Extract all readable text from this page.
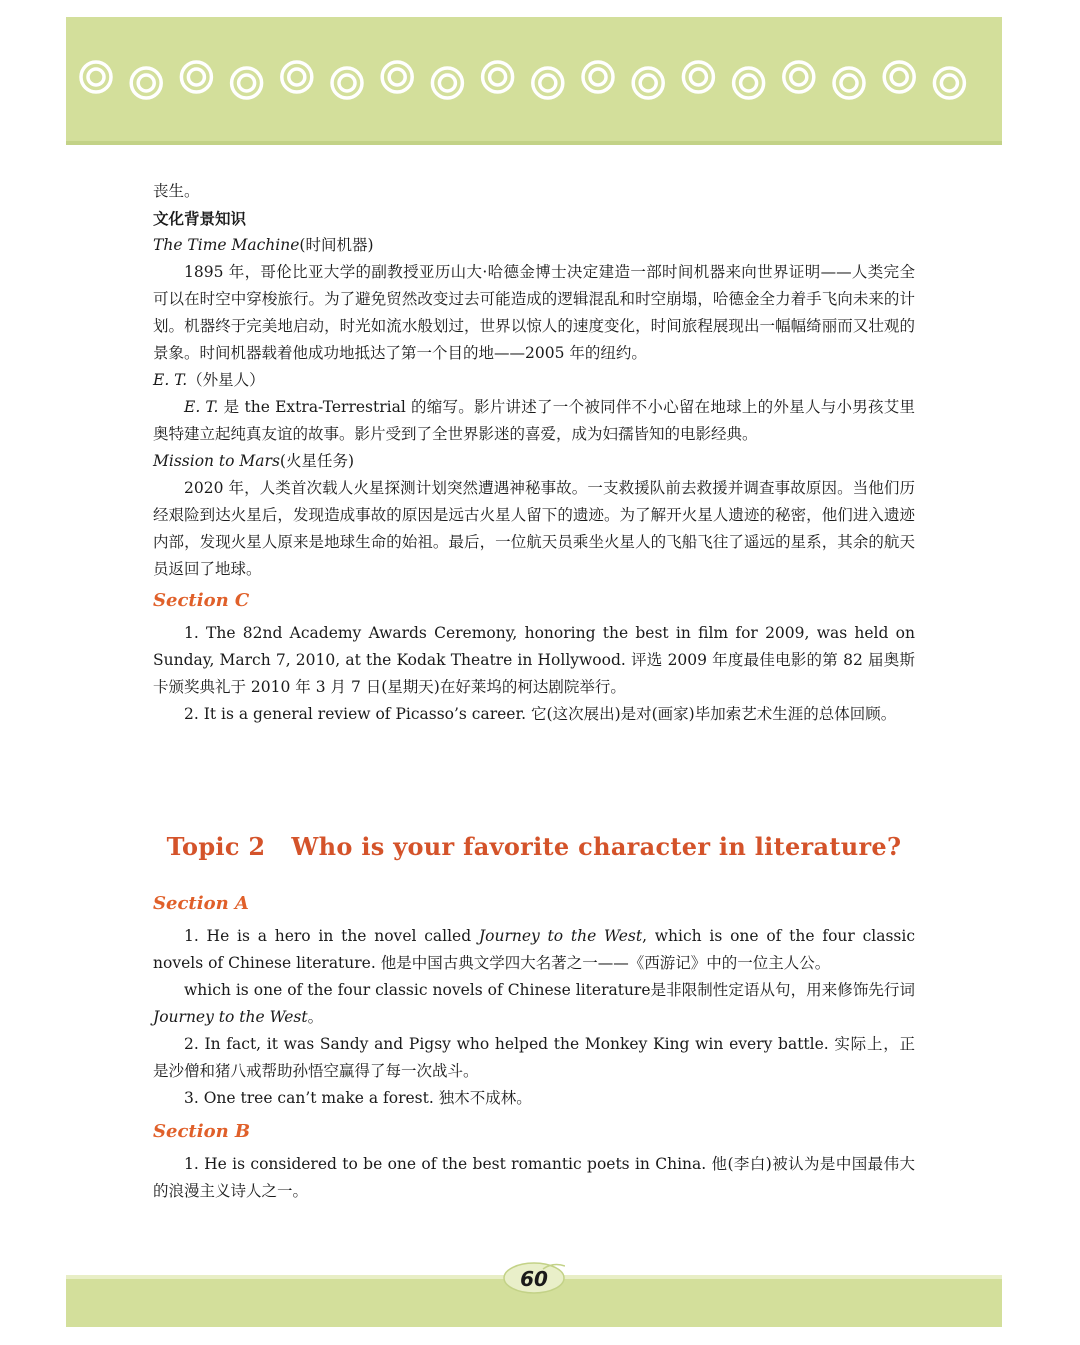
丧生。

文化背景知识

The Time Machine(时间机器)

1895 年，哥伦比亚大学的副教授亚历山大·哈德金博士决定建造一部时间机器来向世界证明——人类完全可以在时空中穿梭旅行。为了避免贸然改变过去可能造成的逻辑混乱和时空崩塌，哈德金全力着手飞向未来的计划。机器终于完美地启动，时光如流水般划过，世界以惊人的速度变化，时间旅程展现出一幅幅绮丽而又壮观的景象。时间机器载着他成功地抵达了第一个目的地——2005 年的纽约。

E. T.（外星人）

E. T. 是 the Extra-Terrestrial 的缩写。影片讲述了一个被同伴不小心留在地球上的外星人与小男孩艾里奥特建立起纯真友谊的故事。影片受到了全世界影迷的喜爱，成为妇孺皆知的电影经典。

Mission to Mars(火星任务)

2020 年，人类首次载人火星探测计划突然遭遇神秘事故。一支救援队前去救援并调查事故原因。当他们历经艰险到达火星后，发现造成事故的原因是远古火星人留下的遗迹。为了解开火星人遗迹的秘密，他们进入遗迹内部，发现火星人原来是地球生命的始祖。最后，一位航天员乘坐火星人的飞船飞往了遥远的星系，其余的航天员返回了地球。

Section C

1. The 82nd Academy Awards Ceremony, honoring the best in film for 2009, was held on Sunday, March 7, 2010, at the Kodak Theatre in Hollywood. 评选 2009 年度最佳电影的第 82 届奥斯卡颁奖典礼于 2010 年 3 月 7 日(星期天)在好莱坞的柯达剧院举行。

2. It is a general review of Picasso’s career. 它(这次展出)是对(画家)毕加索艺术生涯的总体回顾。

Topic 2 Who is your favorite character in literature?

Section A

1. He is a hero in the novel called Journey to the West, which is one of the four classic novels of Chinese literature. 他是中国古典文学四大名著之一——《西游记》中的一位主人公。

which is one of the four classic novels of Chinese literature是非限制性定语从句，用来修饰先行词Journey to the West。

2. In fact, it was Sandy and Pigsy who helped the Monkey King win every battle. 实际上，正是沙僧和猪八戒帮助孙悟空赢得了每一次战斗。

3. One tree can’t make a forest. 独木不成林。

Section B

1. He is considered to be one of the best romantic poets in China. 他(李白)被认为是中国最伟大的浪漫主义诗人之一。

60
